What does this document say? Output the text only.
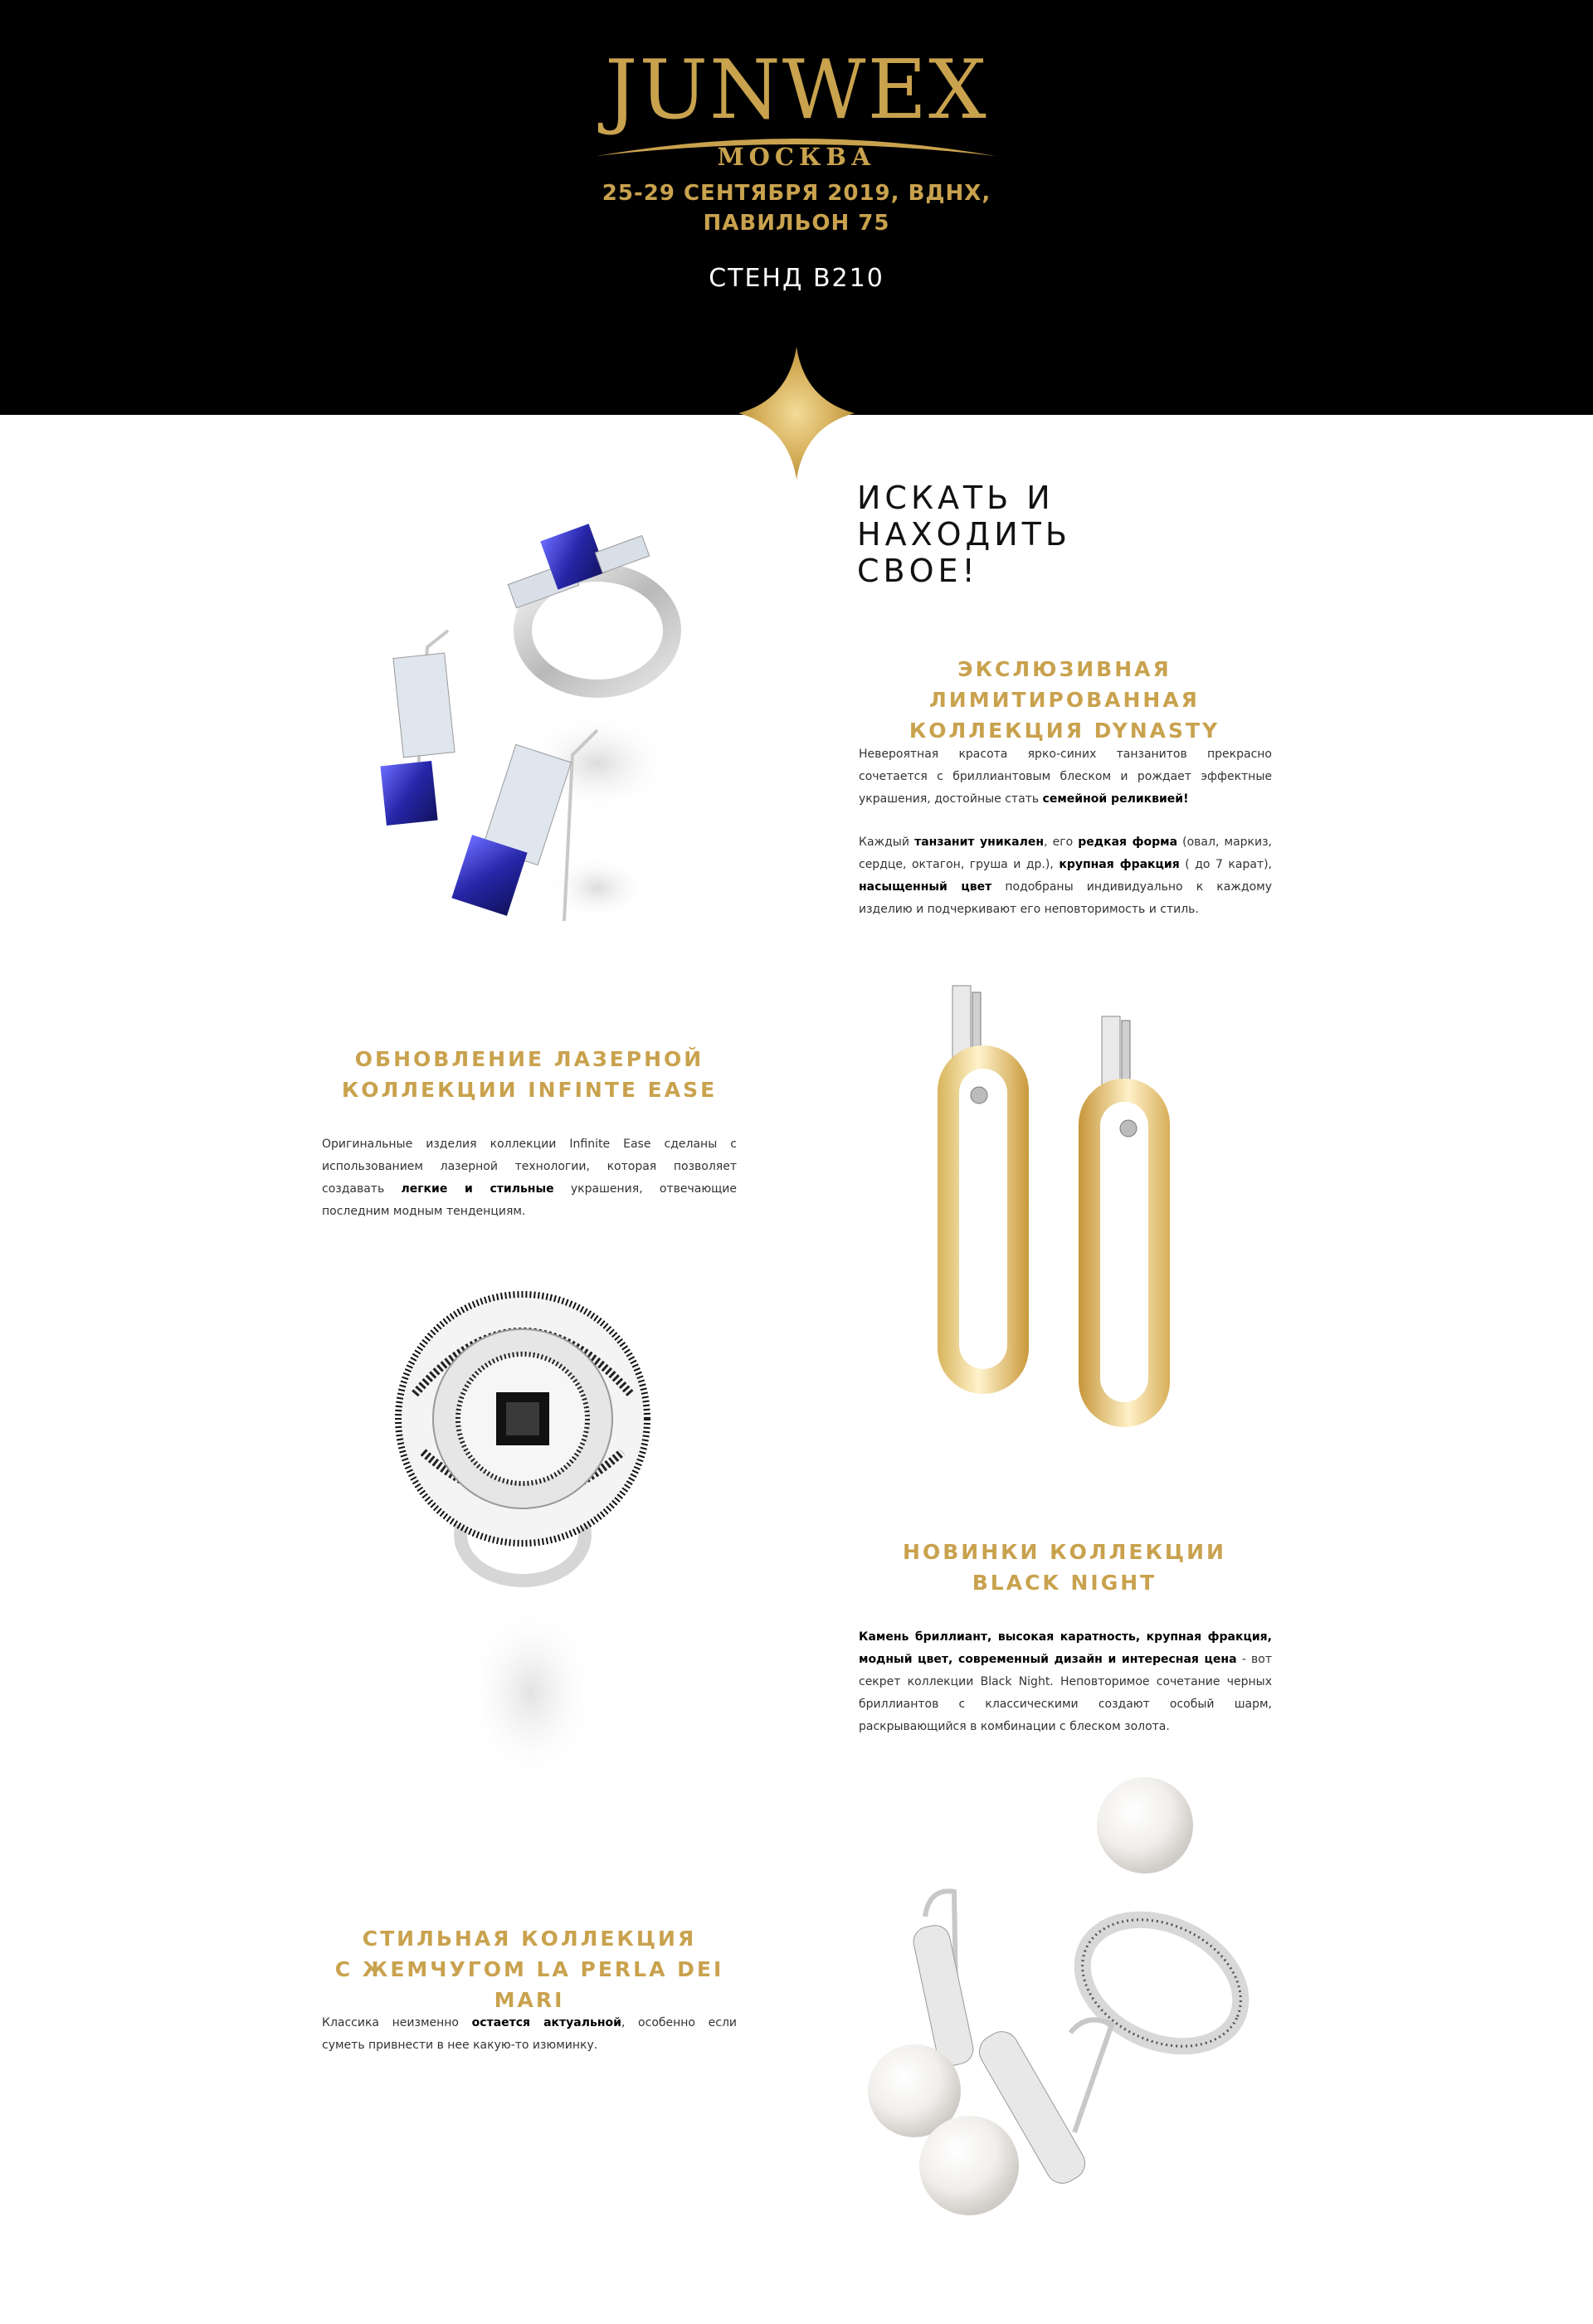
JUNWEX
МОСКВА
25-29 СЕНТЯБРЯ 2019, ВДНХ,
ПАВИЛЬОН 75
СТЕНД В210
ИСКАТЬ И
НАХОДИТЬ
СВОЕ!
ЭКСЛЮЗИВНАЯ ЛИМИТИРОВАННАЯ
КОЛЛЕКЦИЯ DYNASTY

Невероятная красота ярко-синих танзанитов прекрасно сочетается с бриллиантовым блеском и рождает эффектные украшения, достойные стать семейной реликвией!

Каждый танзанит уникален, его редкая форма (овал, маркиз, сердце, октагон, груша и др.), крупная фракция ( до 7 карат), насыщенный цвет подобраны индивидуально к каждому изделию и подчеркивают его неповторимость и стиль.

ОБНОВЛЕНИЕ ЛАЗЕРНОЙ
КОЛЛЕКЦИИ INFINTE EASE

Оригинальные изделия коллекции Infinite Ease сделаны с использованием лазерной технологии, которая позволяет создавать легкие и стильные украшения, отвечающие последним модным тенденциям.

НОВИНКИ КОЛЛЕКЦИИ
BLACK NIGHT

Камень бриллиант, высокая каратность, крупная фракция, модный цвет, современный дизайн и интересная цена - вот секрет коллекции Black Night. Неповторимое сочетание черных бриллиантов с классическими создают особый шарм, раскрывающийся в комбинации с блеском золота.

СТИЛЬНАЯ КОЛЛЕКЦИЯ
С ЖЕМЧУГОМ LA PERLA DEI MARI

Классика неизменно остается актуальной, особенно если суметь привнести в нее какую-то изюминку.
